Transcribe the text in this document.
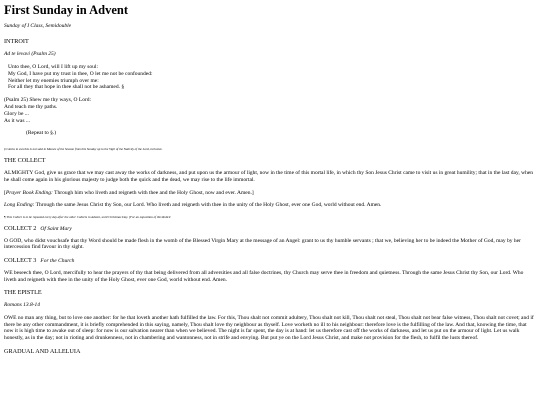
First Sunday in Advent

Sunday of I Class, Semidouble

INTROIT

Ad te levavi (Psalm 25)

Unto thee, O Lord, will I lift up my soul:
My God, I have put my trust in thee, O let me not be confounded:
Neither let my enemies triumph over me:
For all they that hope in thee shall not be ashamed. §
(Psalm 25) Shew me thy ways, O Lord:
And teach me thy paths.
Glory be ...
As it was ...

(Repeat to §.)

§ Gloria in excelsis is not said in Masses of the Season from this Sunday up to the Vigil of the Nativity of the Lord, inclusive.

THE COLLECT

ALMIGHTY God, give us grace that we may cast away the works of darkness, and put upon us the armour of light, now in the time of this mortal life, in which thy Son Jesus Christ came to visit us in great humility; that in the last day, when he shall come again in his glorious majesty to judge both the quick and the dead, we may rise to the life immortal.

[Prayer Book Ending: Through him who liveth and reigneth with thee and the Holy Ghost, now and ever. Amen.]

Long Ending: Through the same Jesus Christ thy Son, our Lord. Who liveth and reigneth with thee in the unity of the Holy Ghost, ever one God, world without end. Amen.

¶ This Collect is to be repeated every day after the other Collects in Advent, until Christmas Day. [For an exposition of this Rubric

COLLECT 2 Of Saint Mary

O GOD, who didst vouchsafe that thy Word should be made flesh in the womb of the Blessed Virgin Mary at the message of an Angel: grant to us thy humble servants ; that we, believing her to be indeed the Mother of God, may by her intercession find favour in thy sight.

COLLECT 3 For the Church

WE beseech thee, O Lord, mercifully to hear the prayers of thy that being delivered from all adversities and all false doctrines, thy Church may serve thee in freedom and quietness. Through the same Jesus Christ thy Son, our Lord. Who liveth and reigneth with thee in the unity of the Holy Ghost, ever one God, world without end. Amen.

THE EPISTLE

Romans 13.8-14

OWE no man any thing, but to love one another: for he that loveth another hath fulfilled the law. For this, Thou shalt not commit adultery, Thou shalt not kill, Thou shalt not steal, Thou shalt not bear false witness, Thou shalt not covet; and if there be any other commandment, it is briefly comprehended in this saying, namely, Thou shalt love thy neighbour as thyself. Love worketh no ill to his neighbour: therefore love is the fulfilling of the law. And that, knowing the time, that now it is high time to awake out of sleep: for now is our salvation nearer than when we believed. The night is far spent, the day is at hand: let us therefore cast off the works of darkness, and let us put on the armour of light. Let us walk honestly, as in the day; not in rioting and drunkenness, not in chambering and wantonness, not in strife and envying. But put ye on the Lord Jesus Christ, and make not provision for the flesh, to fulfil the lusts thereof.

GRADUAL AND ALLELUIA
